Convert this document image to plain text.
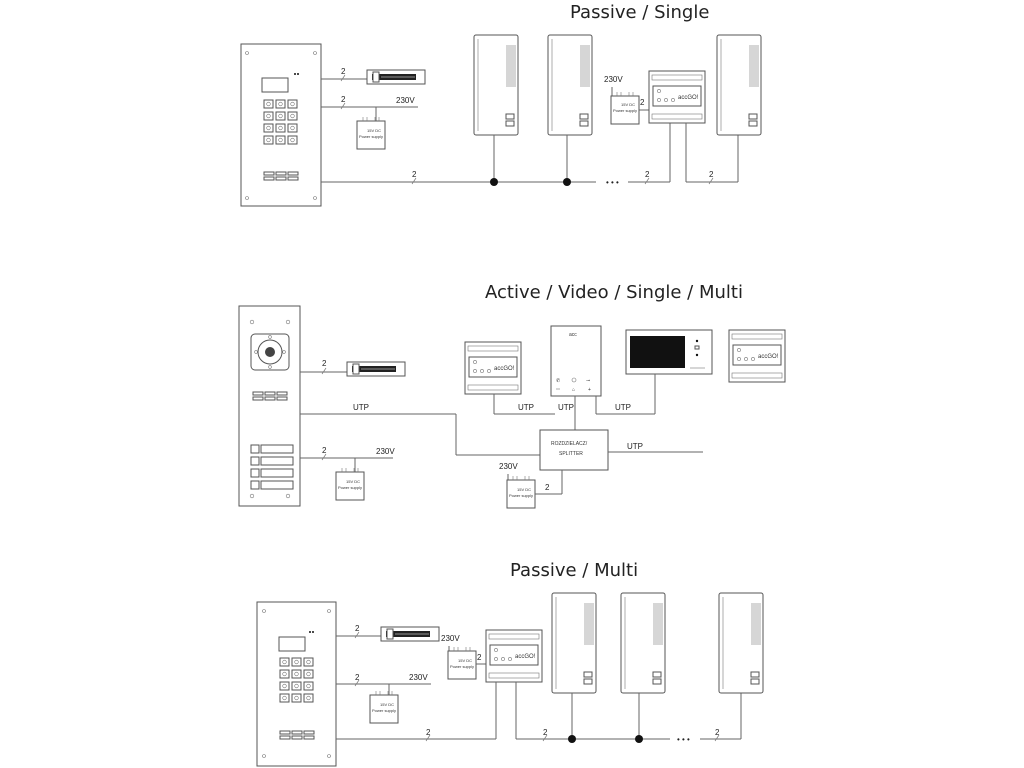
Passive / Single
2
2	230V
15V DC
Power supply
2
• • •
2
230V
15V DC
Power supply
2	accGO!
2
Active / Video / Single / Multi
2
UTP
2	230V
15V DC
Power supply
accGO!
UTP
acc
✆	⊸
⌂	+
UTP	UTP
accGO!
ROZDZIELACZ/
SPLITTER
UTP
230V
15V DC
Power supply
2
Passive / Multi
2
2	230V
15V DC
Power supply
230V
15V DC
Power supply
2	accGO!
2	2
• • •
2
